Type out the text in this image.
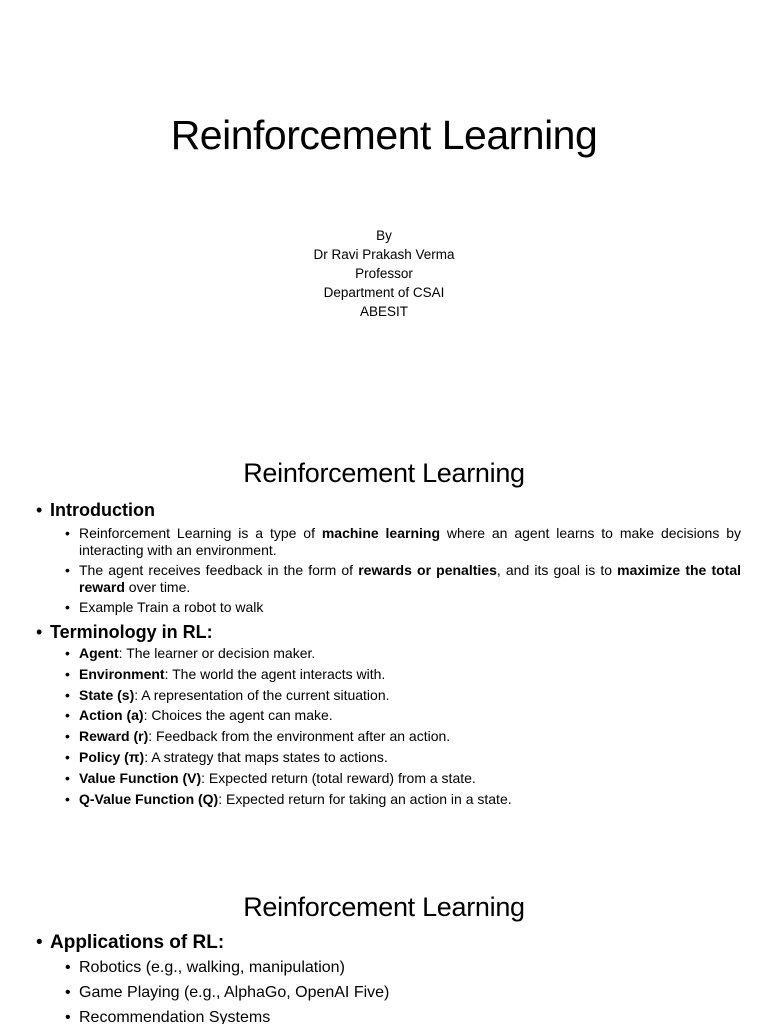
Reinforcement Learning
By
Dr Ravi Prakash Verma
Professor
Department of CSAI
ABESIT
Reinforcement Learning
• Introduction
• Reinforcement Learning is a type of machine learning where an agent learns to make decisions by interacting with an environment.
• The agent receives feedback in the form of rewards or penalties, and its goal is to maximize the total reward over time.
• Example Train a robot to walk
• Terminology in RL:
• Agent: The learner or decision maker.
• Environment: The world the agent interacts with.
• State (s): A representation of the current situation.
• Action (a): Choices the agent can make.
• Reward (r): Feedback from the environment after an action.
• Policy (π): A strategy that maps states to actions.
• Value Function (V): Expected return (total reward) from a state.
• Q-Value Function (Q): Expected return for taking an action in a state.
Reinforcement Learning
• Applications of RL:
• Robotics (e.g., walking, manipulation)
• Game Playing (e.g., AlphaGo, OpenAI Five)
• Recommendation Systems
